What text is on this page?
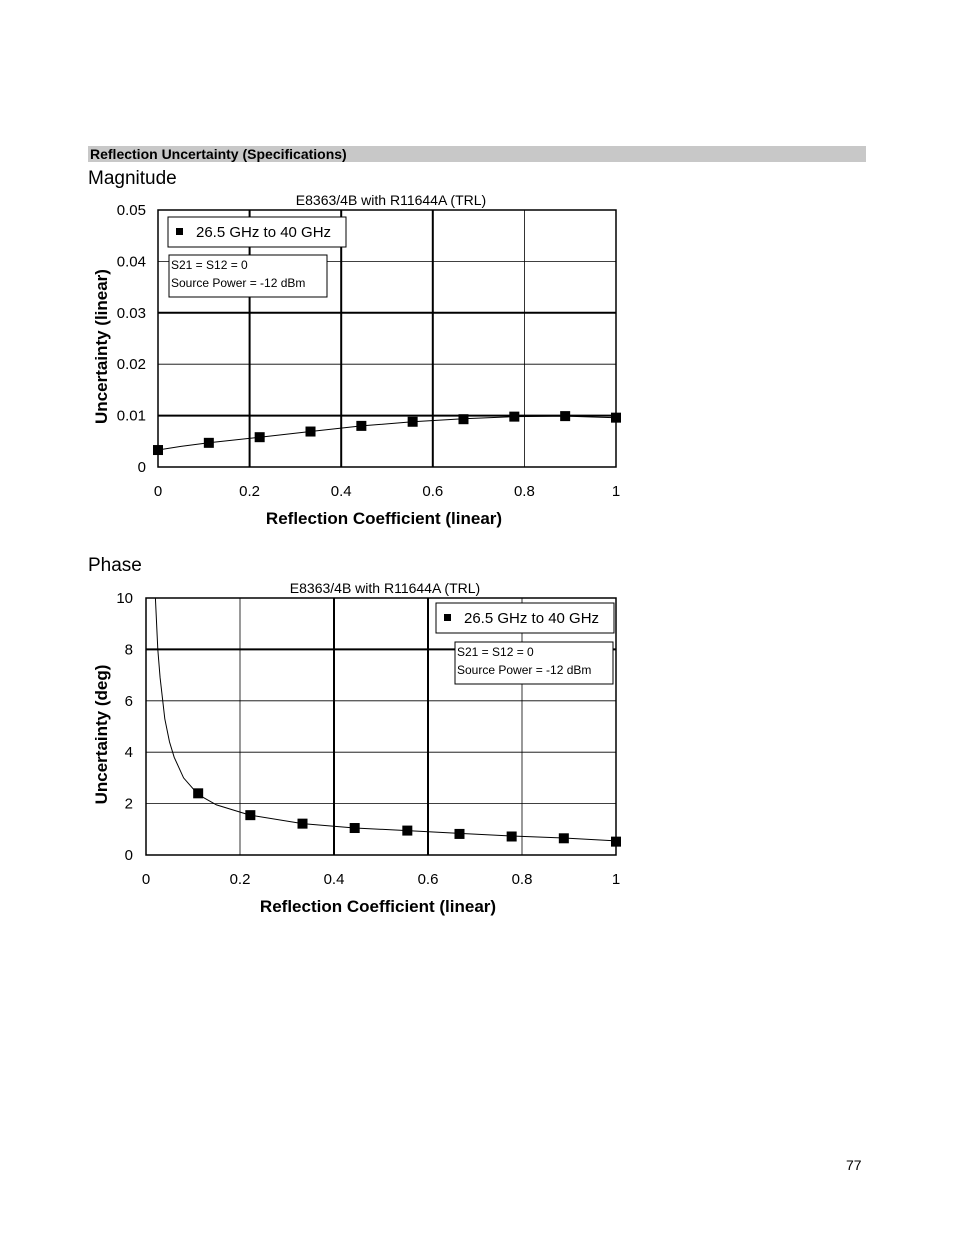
Reflection Uncertainty (Specifications)
Magnitude
E8363/4B with R11644A (TRL)
0	0.2	0.4	0.6	0.8	1
0
0.01
0.02
0.03
0.04
0.05
Reflection Coefficient (linear)
Uncertainty (linear)
26.5 GHz to 40 GHz
S21 = S12 = 0
Source Power = -12 dBm
Phase
E8363/4B with R11644A (TRL)
0	0.2	0.4	0.6	0.8	1
0
2
4
6
8
10
Reflection Coefficient (linear)
Uncertainty (deg)
26.5 GHz to 40 GHz
S21 = S12 = 0
Source Power = -12 dBm
77
